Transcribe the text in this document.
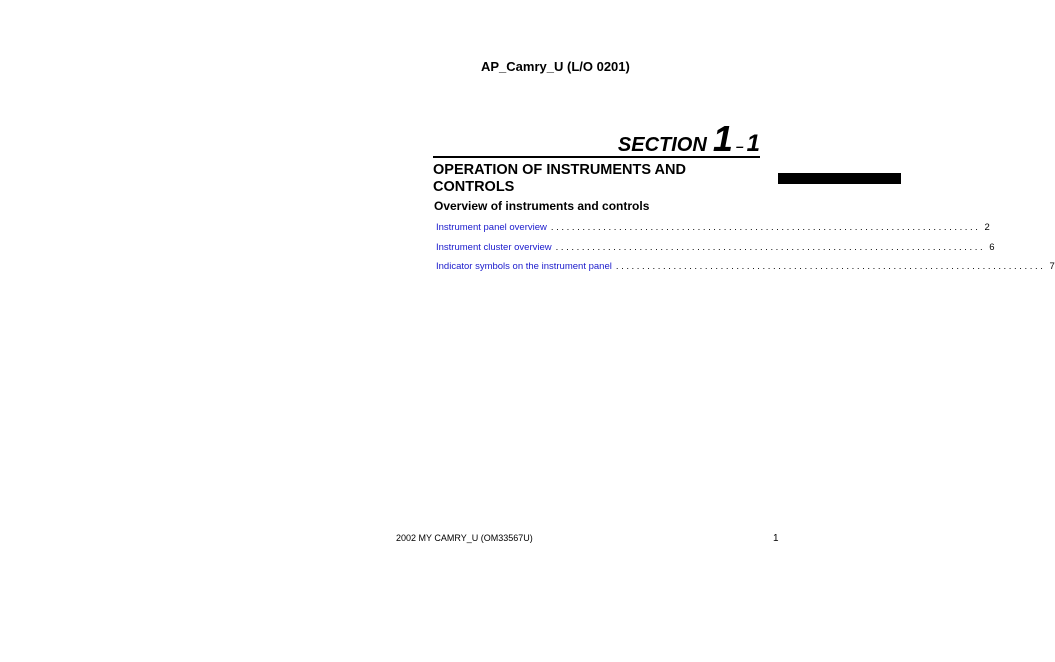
AP_Camry_U (L/O 0201)
SECTION 1 – 1
OPERATION OF INSTRUMENTS AND CONTROLS
Overview of instruments and controls
Instrument panel overview .................................................................................. 2
Instrument cluster overview .................................................................................. 6
Indicator symbols on the instrument panel .................................................................................. 7
2002 MY CAMRY_U (OM33567U)	1
